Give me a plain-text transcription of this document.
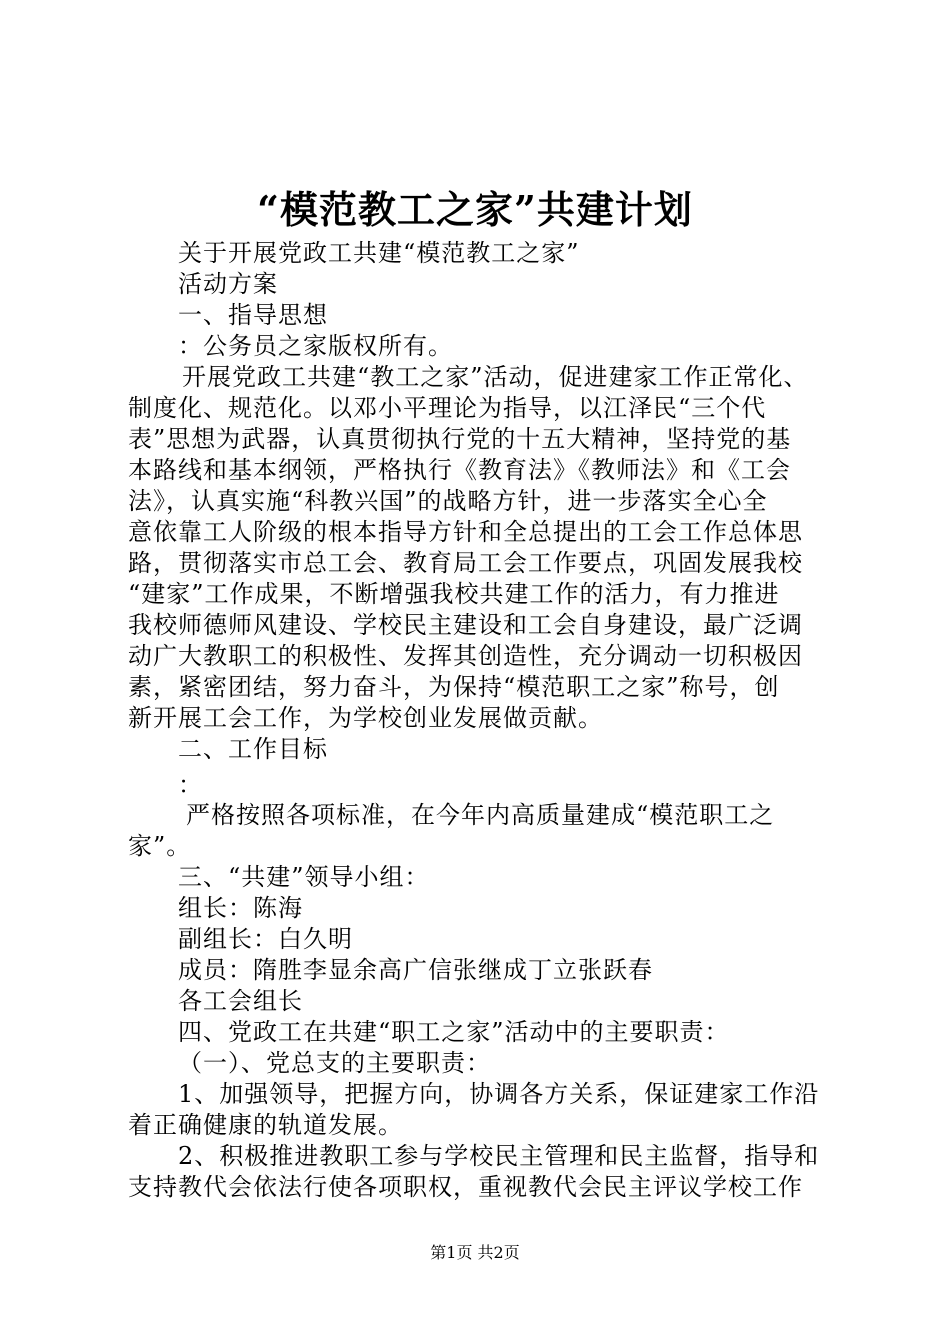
“模范教工之家”共建计划
关于开展党政工共建“模范教工之家”
活动方案
一、指导思想
：公务员之家版权所有。
开展党政工共建“教工之家”活动，促进建家工作正常化、
制度化、规范化。以邓小平理论为指导，以江泽民“三个代
表”思想为武器，认真贯彻执行党的十五大精神，坚持党的基
本路线和基本纲领，严格执行《教育法》《教师法》和《工会
法》，认真实施“科教兴国”的战略方针，进一步落实全心全
意依靠工人阶级的根本指导方针和全总提出的工会工作总体思
路，贯彻落实市总工会、教育局工会工作要点，巩固发展我校
“建家”工作成果，不断增强我校共建工作的活力，有力推进
我校师德师风建设、学校民主建设和工会自身建设，最广泛调
动广大教职工的积极性、发挥其创造性，充分调动一切积极因
素，紧密团结，努力奋斗，为保持“模范职工之家”称号，创
新开展工会工作，为学校创业发展做贡献。
二、工作目标
：
严格按照各项标准，在今年内高质量建成“模范职工之
家”。
三、“共建”领导小组：
组长：陈海
副组长：白久明
成员：隋胜李显余高广信张继成丁立张跃春
各工会组长
四、党政工在共建“职工之家”活动中的主要职责：
（一）、党总支的主要职责：
1、加强领导，把握方向，协调各方关系，保证建家工作沿
着正确健康的轨道发展。
2、积极推进教职工参与学校民主管理和民主监督，指导和
支持教代会依法行使各项职权，重视教代会民主评议学校工作
第1页 共2页
